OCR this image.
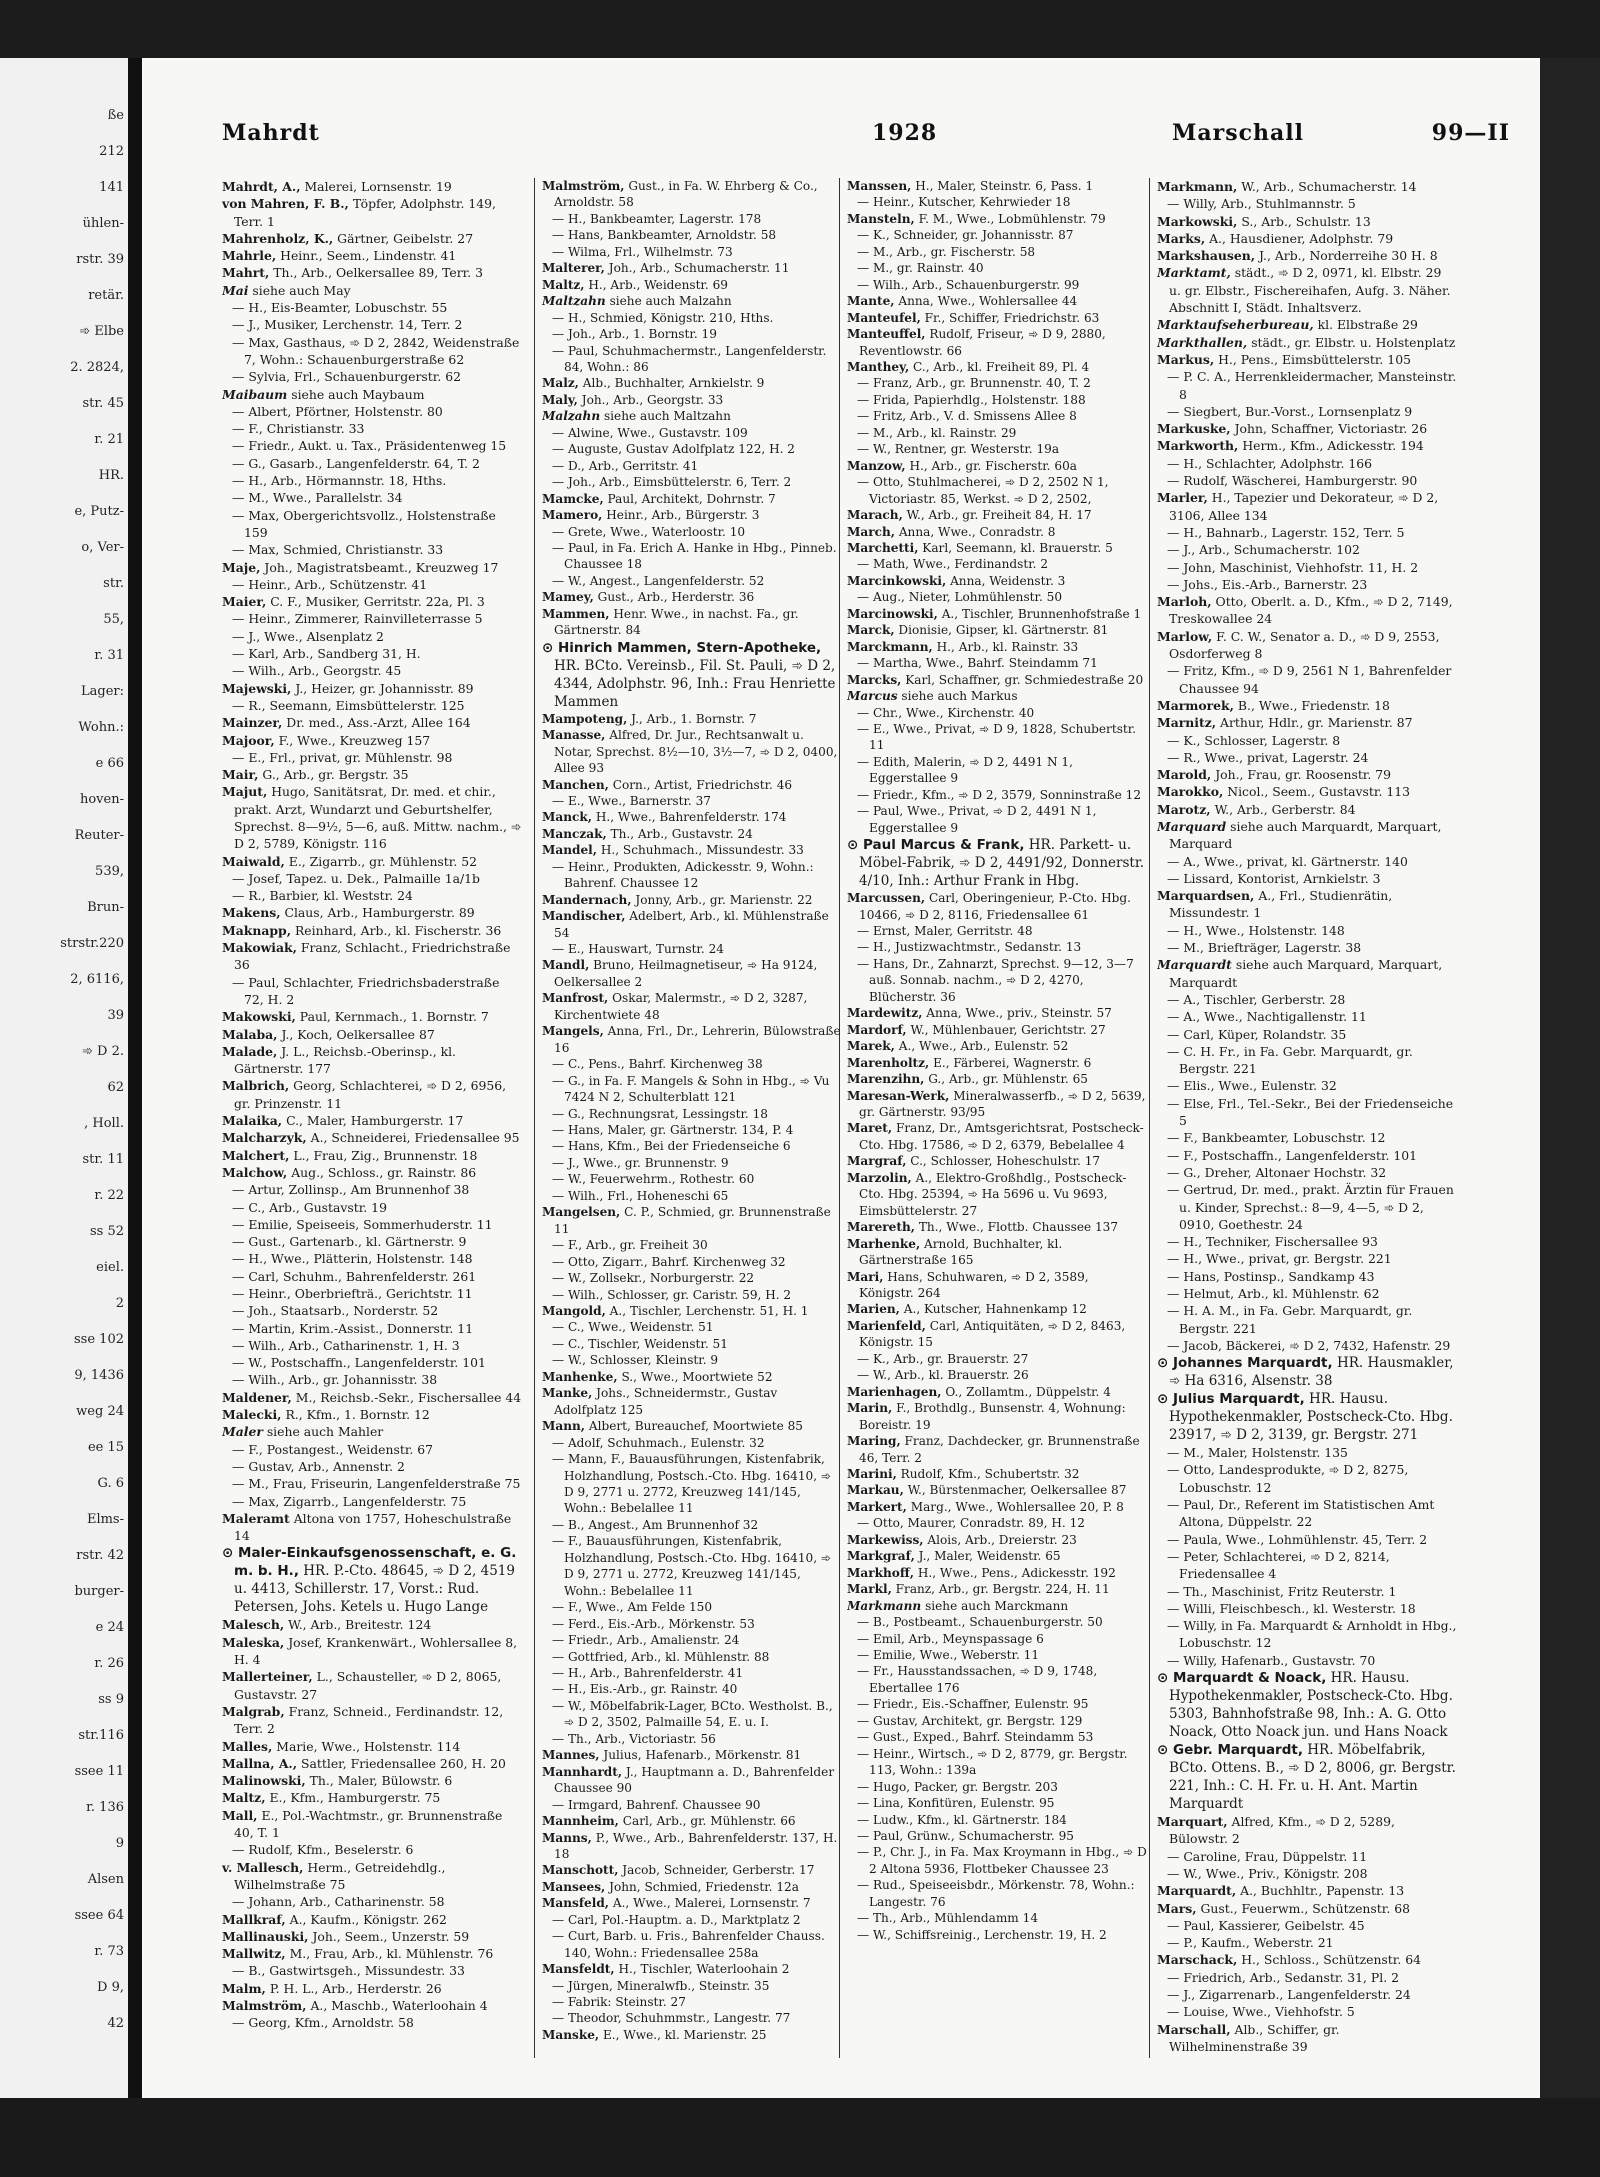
ße
212
141
ühlen-
rstr. 39
retär.
➾ Elbe
2. 2824,
str. 45
r. 21
HR.
e, Putz-
o, Ver-
str.
55,
r. 31
Lager:
Wohn.:
e 66
hoven-
Reuter-
539,
Brun-
strstr.220
2, 6116,
39
➾ D 2.
62
, Holl.
str. 11
r. 22
ss 52
eiel.
2
sse 102
9, 1436
weg 24
ee 15
G. 6
Elms-
rstr. 42
burger-
e 24
r. 26
ss 9
str.116
ssee 11
r. 136
9
Alsen
ssee 64
r. 73
D 9,
42
Mahrdt	1928	Marschall	99—II

Mahrdt, A., Malerei, Lornsenstr. 19

von Mahren, F. B., Töpfer, Adolphstr. 149, Terr. 1

Mahrenholz, K., Gärtner, Geibelstr. 27

Mahrle, Heinr., Seem., Lindenstr. 41

Mahrt, Th., Arb., Oelkersallee 89, Terr. 3

Mai siehe auch May

— H., Eis-Beamter, Lobuschstr. 55

— J., Musiker, Lerchenstr. 14, Terr. 2

— Max, Gasthaus, ➾ D 2, 2842, Weidenstraße 7, Wohn.: Schauenburgerstraße 62

— Sylvia, Frl., Schauenburgerstr. 62

Maibaum siehe auch Maybaum

— Albert, Pförtner, Holstenstr. 80

— F., Christianstr. 33

— Friedr., Aukt. u. Tax., Präsidentenweg 15

— G., Gasarb., Langenfelderstr. 64, T. 2

— H., Arb., Hörmannstr. 18, Hths.

— M., Wwe., Parallelstr. 34

— Max, Obergerichtsvollz., Holstenstraße 159

— Max, Schmied, Christianstr. 33

Maje, Joh., Magistratsbeamt., Kreuzweg 17

— Heinr., Arb., Schützenstr. 41

Maier, C. F., Musiker, Gerritstr. 22a, Pl. 3

— Heinr., Zimmerer, Rainvilleterrasse 5

— J., Wwe., Alsenplatz 2

— Karl, Arb., Sandberg 31, H.

— Wilh., Arb., Georgstr. 45

Majewski, J., Heizer, gr. Johannisstr. 89

— R., Seemann, Eimsbüttelerstr. 125

Mainzer, Dr. med., Ass.-Arzt, Allee 164

Majoor, F., Wwe., Kreuzweg 157

— E., Frl., privat, gr. Mühlenstr. 98

Mair, G., Arb., gr. Bergstr. 35

Majut, Hugo, Sanitätsrat, Dr. med. et chir., prakt. Arzt, Wundarzt und Geburtshelfer, Sprechst. 8—9½, 5—6, auß. Mittw. nachm., ➾ D 2, 5789, Königstr. 116

Maiwald, E., Zigarrb., gr. Mühlenstr. 52

— Josef, Tapez. u. Dek., Palmaille 1a/1b

— R., Barbier, kl. Weststr. 24

Makens, Claus, Arb., Hamburgerstr. 89

Maknapp, Reinhard, Arb., kl. Fischerstr. 36

Makowiak, Franz, Schlacht., Friedrichstraße 36

— Paul, Schlachter, Friedrichsbaderstraße 72, H. 2

Makowski, Paul, Kernmach., 1. Bornstr. 7

Malaba, J., Koch, Oelkersallee 87

Malade, J. L., Reichsb.-Oberinsp., kl. Gärtnerstr. 177

Malbrich, Georg, Schlachterei, ➾ D 2, 6956, gr. Prinzenstr. 11

Malaika, C., Maler, Hamburgerstr. 17

Malcharzyk, A., Schneiderei, Friedensallee 95

Malchert, L., Frau, Zig., Brunnenstr. 18

Malchow, Aug., Schloss., gr. Rainstr. 86

— Artur, Zollinsp., Am Brunnenhof 38

— C., Arb., Gustavstr. 19

— Emilie, Speiseeis, Sommerhuderstr. 11

— Gust., Gartenarb., kl. Gärtnerstr. 9

— H., Wwe., Plätterin, Holstenstr. 148

— Carl, Schuhm., Bahrenfelderstr. 261

— Heinr., Oberbriefträ., Gerichtstr. 11

— Joh., Staatsarb., Norderstr. 52

— Martin, Krim.-Assist., Donnerstr. 11

— Wilh., Arb., Catharinenstr. 1, H. 3

— W., Postschaffn., Langenfelderstr. 101

— Wilh., Arb., gr. Johannisstr. 38

Maldener, M., Reichsb.-Sekr., Fischersallee 44

Malecki, R., Kfm., 1. Bornstr. 12

Maler siehe auch Mahler

— F., Postangest., Weidenstr. 67

— Gustav, Arb., Annenstr. 2

— M., Frau, Friseurin, Langenfelderstraße 75

— Max, Zigarrb., Langenfelderstr. 75

Maleramt Altona von 1757, Hoheschulstraße 14

⊙ Maler-Einkaufsgenossenschaft, e. G. m. b. H., HR. P.-Cto. 48645, ➾ D 2, 4519 u. 4413, Schillerstr. 17, Vorst.: Rud. Petersen, Johs. Ketels u. Hugo Lange

Malesch, W., Arb., Breitestr. 124

Maleska, Josef, Krankenwärt., Wohlersallee 8, H. 4

Mallerteiner, L., Schausteller, ➾ D 2, 8065, Gustavstr. 27

Malgrab, Franz, Schneid., Ferdinandstr. 12, Terr. 2

Malles, Marie, Wwe., Holstenstr. 114

Mallna, A., Sattler, Friedensallee 260, H. 20

Malinowski, Th., Maler, Bülowstr. 6

Maltz, E., Kfm., Hamburgerstr. 75

Mall, E., Pol.-Wachtmstr., gr. Brunnenstraße 40, T. 1

— Rudolf, Kfm., Beselerstr. 6

v. Mallesch, Herm., Getreidehdlg., Wilhelmstraße 75

— Johann, Arb., Catharinenstr. 58

Mallkraf, A., Kaufm., Königstr. 262

Mallinauski, Joh., Seem., Unzerstr. 59

Mallwitz, M., Frau, Arb., kl. Mühlenstr. 76

— B., Gastwirtsgeh., Missundestr. 33

Malm, P. H. L., Arb., Herderstr. 26

Malmström, A., Maschb., Waterloohain 4

— Georg, Kfm., Arnoldstr. 58

Malmström, Gust., in Fa. W. Ehrberg & Co., Arnoldstr. 58

— H., Bankbeamter, Lagerstr. 178

— Hans, Bankbeamter, Arnoldstr. 58

— Wilma, Frl., Wilhelmstr. 73

Malterer, Joh., Arb., Schumacherstr. 11

Maltz, H., Arb., Weidenstr. 69

Maltzahn siehe auch Malzahn

— H., Schmied, Königstr. 210, Hths.

— Joh., Arb., 1. Bornstr. 19

— Paul, Schuhmachermstr., Langenfelderstr. 84, Wohn.: 86

Malz, Alb., Buchhalter, Arnkielstr. 9

Maly, Joh., Arb., Georgstr. 33

Malzahn siehe auch Maltzahn

— Alwine, Wwe., Gustavstr. 109

— Auguste, Gustav Adolfplatz 122, H. 2

— D., Arb., Gerritstr. 41

— Joh., Arb., Eimsbüttelerstr. 6, Terr. 2

Mamcke, Paul, Architekt, Dohrnstr. 7

Mamero, Heinr., Arb., Bürgerstr. 3

— Grete, Wwe., Waterloostr. 10

— Paul, in Fa. Erich A. Hanke in Hbg., Pinneb. Chaussee 18

— W., Angest., Langenfelderstr. 52

Mamey, Gust., Arb., Herderstr. 36

Mammen, Henr. Wwe., in nachst. Fa., gr. Gärtnerstr. 84

⊙ Hinrich Mammen, Stern-Apotheke, HR. BCto. Vereinsb., Fil. St. Pauli, ➾ D 2, 4344, Adolphstr. 96, Inh.: Frau Henriette Mammen

Mampoteng, J., Arb., 1. Bornstr. 7

Manasse, Alfred, Dr. Jur., Rechtsanwalt u. Notar, Sprechst. 8½—10, 3½—7, ➾ D 2, 0400, Allee 93

Manchen, Corn., Artist, Friedrichstr. 46

— E., Wwe., Barnerstr. 37

Manck, H., Wwe., Bahrenfelderstr. 174

Manczak, Th., Arb., Gustavstr. 24

Mandel, H., Schuhmach., Missundestr. 33

— Heinr., Produkten, Adickesstr. 9, Wohn.: Bahrenf. Chaussee 12

Mandernach, Jonny, Arb., gr. Marienstr. 22

Mandischer, Adelbert, Arb., kl. Mühlenstraße 54

— E., Hauswart, Turnstr. 24

Mandl, Bruno, Heilmagnetiseur, ➾ Ha 9124, Oelkersallee 2

Manfrost, Oskar, Malermstr., ➾ D 2, 3287, Kirchentwiete 48

Mangels, Anna, Frl., Dr., Lehrerin, Bülowstraße 16

— C., Pens., Bahrf. Kirchenweg 38

— G., in Fa. F. Mangels & Sohn in Hbg., ➾ Vu 7424 N 2, Schulterblatt 121

— G., Rechnungsrat, Lessingstr. 18

— Hans, Maler, gr. Gärtnerstr. 134, P. 4

— Hans, Kfm., Bei der Friedenseiche 6

— J., Wwe., gr. Brunnenstr. 9

— W., Feuerwehrm., Rothestr. 60

— Wilh., Frl., Hoheneschi 65

Mangelsen, C. P., Schmied, gr. Brunnenstraße 11

— F., Arb., gr. Freiheit 30

— Otto, Zigarr., Bahrf. Kirchenweg 32

— W., Zollsekr., Norburgerstr. 22

— Wilh., Schlosser, gr. Caristr. 59, H. 2

Mangold, A., Tischler, Lerchenstr. 51, H. 1

— C., Wwe., Weidenstr. 51

— C., Tischler, Weidenstr. 51

— W., Schlosser, Kleinstr. 9

Manhenke, S., Wwe., Moortwiete 52

Manke, Johs., Schneidermstr., Gustav Adolfplatz 125

Mann, Albert, Bureauchef, Moortwiete 85

— Adolf, Schuhmach., Eulenstr. 32

— Mann, F., Bauausführungen, Kistenfabrik, Holzhandlung, Postsch.-Cto. Hbg. 16410, ➾ D 9, 2771 u. 2772, Kreuzweg 141/145, Wohn.: Bebelallee 11

— B., Angest., Am Brunnenhof 32

— F., Bauausführungen, Kistenfabrik, Holzhandlung, Postsch.-Cto. Hbg. 16410, ➾ D 9, 2771 u. 2772, Kreuzweg 141/145, Wohn.: Bebelallee 11

— F., Wwe., Am Felde 150

— Ferd., Eis.-Arb., Mörkenstr. 53

— Friedr., Arb., Amalienstr. 24

— Gottfried, Arb., kl. Mühlenstr. 88

— H., Arb., Bahrenfelderstr. 41

— H., Eis.-Arb., gr. Rainstr. 40

— W., Möbelfabrik-Lager, BCto. Westholst. B., ➾ D 2, 3502, Palmaille 54, E. u. I.

— Th., Arb., Victoriastr. 56

Mannes, Julius, Hafenarb., Mörkenstr. 81

Mannhardt, J., Hauptmann a. D., Bahrenfelder Chaussee 90

— Irmgard, Bahrenf. Chaussee 90

Mannheim, Carl, Arb., gr. Mühlenstr. 66

Manns, P., Wwe., Arb., Bahrenfelderstr. 137, H. 18

Manschott, Jacob, Schneider, Gerberstr. 17

Mansees, John, Schmied, Friedenstr. 12a

Mansfeld, A., Wwe., Malerei, Lornsenstr. 7

— Carl, Pol.-Hauptm. a. D., Marktplatz 2

— Curt, Barb. u. Fris., Bahrenfelder Chauss. 140, Wohn.: Friedensallee 258a

Mansfeldt, H., Tischler, Waterloohain 2

— Jürgen, Mineralwfb., Steinstr. 35

— Fabrik: Steinstr. 27

— Theodor, Schuhmmstr., Langestr. 77

Manske, E., Wwe., kl. Marienstr. 25

Manssen, H., Maler, Steinstr. 6, Pass. 1

— Heinr., Kutscher, Kehrwieder 18

Mansteln, F. M., Wwe., Lobmühlenstr. 79

— K., Schneider, gr. Johannisstr. 87

— M., Arb., gr. Fischerstr. 58

— M., gr. Rainstr. 40

— Wilh., Arb., Schauenburgerstr. 99

Mante, Anna, Wwe., Wohlersallee 44

Manteufel, Fr., Schiffer, Friedrichstr. 63

Manteuffel, Rudolf, Friseur, ➾ D 9, 2880, Reventlowstr. 66

Manthey, C., Arb., kl. Freiheit 89, Pl. 4

— Franz, Arb., gr. Brunnenstr. 40, T. 2

— Frida, Papierhdlg., Holstenstr. 188

— Fritz, Arb., V. d. Smissens Allee 8

— M., Arb., kl. Rainstr. 29

— W., Rentner, gr. Westerstr. 19a

Manzow, H., Arb., gr. Fischerstr. 60a

— Otto, Stuhlmacherei, ➾ D 2, 2502 N 1, Victoriastr. 85, Werkst. ➾ D 2, 2502,

Marach, W., Arb., gr. Freiheit 84, H. 17

March, Anna, Wwe., Conradstr. 8

Marchetti, Karl, Seemann, kl. Brauerstr. 5

— Math, Wwe., Ferdinandstr. 2

Marcinkowski, Anna, Weidenstr. 3

— Aug., Nieter, Lohmühlenstr. 50

Marcinowski, A., Tischler, Brunnenhofstraße 1

Marck, Dionisie, Gipser, kl. Gärtnerstr. 81

Marckmann, H., Arb., kl. Rainstr. 33

— Martha, Wwe., Bahrf. Steindamm 71

Marcks, Karl, Schaffner, gr. Schmiedestraße 20

Marcus siehe auch Markus

— Chr., Wwe., Kirchenstr. 40

— E., Wwe., Privat, ➾ D 9, 1828, Schubertstr. 11

— Edith, Malerin, ➾ D 2, 4491 N 1, Eggerstallee 9

— Friedr., Kfm., ➾ D 2, 3579, Sonninstraße 12

— Paul, Wwe., Privat, ➾ D 2, 4491 N 1, Eggerstallee 9

⊙ Paul Marcus & Frank, HR. Parkett- u. Möbel-Fabrik, ➾ D 2, 4491/92, Donnerstr. 4/10, Inh.: Arthur Frank in Hbg.

Marcussen, Carl, Oberingenieur, P.-Cto. Hbg. 10466, ➾ D 2, 8116, Friedensallee 61

— Ernst, Maler, Gerritstr. 48

— H., Justizwachtmstr., Sedanstr. 13

— Hans, Dr., Zahnarzt, Sprechst. 9—12, 3—7 auß. Sonnab. nachm., ➾ D 2, 4270, Blücherstr. 36

Mardewitz, Anna, Wwe., priv., Steinstr. 57

Mardorf, W., Mühlenbauer, Gerichtstr. 27

Marek, A., Wwe., Arb., Eulenstr. 52

Marenholtz, E., Färberei, Wagnerstr. 6

Marenzihn, G., Arb., gr. Mühlenstr. 65

Maresan-Werk, Mineralwasserfb., ➾ D 2, 5639, gr. Gärtnerstr. 93/95

Maret, Franz, Dr., Amtsgerichtsrat, Postscheck-Cto. Hbg. 17586, ➾ D 2, 6379, Bebelallee 4

Margraf, C., Schlosser, Hoheschulstr. 17

Marzolin, A., Elektro-Großhdlg., Postscheck-Cto. Hbg. 25394, ➾ Ha 5696 u. Vu 9693, Eimsbüttelerstr. 27

Marereth, Th., Wwe., Flottb. Chaussee 137

Marhenke, Arnold, Buchhalter, kl. Gärtnerstraße 165

Mari, Hans, Schuhwaren, ➾ D 2, 3589, Königstr. 264

Marien, A., Kutscher, Hahnenkamp 12

Marienfeld, Carl, Antiquitäten, ➾ D 2, 8463, Königstr. 15

— K., Arb., gr. Brauerstr. 27

— W., Arb., kl. Brauerstr. 26

Marienhagen, O., Zollamtm., Düppelstr. 4

Marin, F., Brothdlg., Bunsenstr. 4, Wohnung: Boreistr. 19

Maring, Franz, Dachdecker, gr. Brunnenstraße 46, Terr. 2

Marini, Rudolf, Kfm., Schubertstr. 32

Markau, W., Bürstenmacher, Oelkersallee 87

Markert, Marg., Wwe., Wohlersallee 20, P. 8

— Otto, Maurer, Conradstr. 89, H. 12

Markewiss, Alois, Arb., Dreierstr. 23

Markgraf, J., Maler, Weidenstr. 65

Markhoff, H., Wwe., Pens., Adickesstr. 192

Markl, Franz, Arb., gr. Bergstr. 224, H. 11

Markmann siehe auch Marckmann

— B., Postbeamt., Schauenburgerstr. 50

— Emil, Arb., Meynspassage 6

— Emilie, Wwe., Weberstr. 11

— Fr., Hausstandssachen, ➾ D 9, 1748, Ebertallee 176

— Friedr., Eis.-Schaffner, Eulenstr. 95

— Gustav, Architekt, gr. Bergstr. 129

— Gust., Exped., Bahrf. Steindamm 53

— Heinr., Wirtsch., ➾ D 2, 8779, gr. Bergstr. 113, Wohn.: 139a

— Hugo, Packer, gr. Bergstr. 203

— Lina, Konfitüren, Eulenstr. 95

— Ludw., Kfm., kl. Gärtnerstr. 184

— Paul, Grünw., Schumacherstr. 95

— P., Chr. J., in Fa. Max Kroymann in Hbg., ➾ D 2 Altona 5936, Flottbeker Chaussee 23

— Rud., Speiseeisbdr., Mörkenstr. 78, Wohn.: Langestr. 76

— Th., Arb., Mühlendamm 14

— W., Schiffsreinig., Lerchenstr. 19, H. 2

Markmann, W., Arb., Schumacherstr. 14

— Willy, Arb., Stuhlmannstr. 5

Markowski, S., Arb., Schulstr. 13

Marks, A., Hausdiener, Adolphstr. 79

Markshausen, J., Arb., Norderreihe 30 H. 8

Marktamt, städt., ➾ D 2, 0971, kl. Elbstr. 29 u. gr. Elbstr., Fischereihafen, Aufg. 3. Näher. Abschnitt I, Städt. Inhaltsverz.

Marktaufseherbureau, kl. Elbstraße 29

Markthallen, städt., gr. Elbstr. u. Holstenplatz

Markus, H., Pens., Eimsbüttelerstr. 105

— P. C. A., Herrenkleidermacher, Mansteinstr. 8

— Siegbert, Bur.-Vorst., Lornsenplatz 9

Markuske, John, Schaffner, Victoriastr. 26

Markworth, Herm., Kfm., Adickesstr. 194

— H., Schlachter, Adolphstr. 166

— Rudolf, Wäscherei, Hamburgerstr. 90

Marler, H., Tapezier und Dekorateur, ➾ D 2, 3106, Allee 134

— H., Bahnarb., Lagerstr. 152, Terr. 5

— J., Arb., Schumacherstr. 102

— John, Maschinist, Viehhofstr. 11, H. 2

— Johs., Eis.-Arb., Barnerstr. 23

Marloh, Otto, Oberlt. a. D., Kfm., ➾ D 2, 7149, Treskowallee 24

Marlow, F. C. W., Senator a. D., ➾ D 9, 2553, Osdorferweg 8

— Fritz, Kfm., ➾ D 9, 2561 N 1, Bahrenfelder Chaussee 94

Marmorek, B., Wwe., Friedenstr. 18

Marnitz, Arthur, Hdlr., gr. Marienstr. 87

— K., Schlosser, Lagerstr. 8

— R., Wwe., privat, Lagerstr. 24

Marold, Joh., Frau, gr. Roosenstr. 79

Marokko, Nicol., Seem., Gustavstr. 113

Marotz, W., Arb., Gerberstr. 84

Marquard siehe auch Marquardt, Marquart, Marquard

— A., Wwe., privat, kl. Gärtnerstr. 140

— Lissard, Kontorist, Arnkielstr. 3

Marquardsen, A., Frl., Studienrätin, Missundestr. 1

— H., Wwe., Holstenstr. 148

— M., Briefträger, Lagerstr. 38

Marquardt siehe auch Marquard, Marquart, Marquardt

— A., Tischler, Gerberstr. 28

— A., Wwe., Nachtigallenstr. 11

— Carl, Küper, Rolandstr. 35

— C. H. Fr., in Fa. Gebr. Marquardt, gr. Bergstr. 221

— Elis., Wwe., Eulenstr. 32

— Else, Frl., Tel.-Sekr., Bei der Friedenseiche 5

— F., Bankbeamter, Lobuschstr. 12

— F., Postschaffn., Langenfelderstr. 101

— G., Dreher, Altonaer Hochstr. 32

— Gertrud, Dr. med., prakt. Ärztin für Frauen u. Kinder, Sprechst.: 8—9, 4—5, ➾ D 2, 0910, Goethestr. 24

— H., Techniker, Fischersallee 93

— H., Wwe., privat, gr. Bergstr. 221

— Hans, Postinsp., Sandkamp 43

— Helmut, Arb., kl. Mühlenstr. 62

— H. A. M., in Fa. Gebr. Marquardt, gr. Bergstr. 221

— Jacob, Bäckerei, ➾ D 2, 7432, Hafenstr. 29

⊙ Johannes Marquardt, HR. Hausmakler, ➾ Ha 6316, Alsenstr. 38

⊙ Julius Marquardt, HR. Hausu. Hypothekenmakler, Postscheck-Cto. Hbg. 23917, ➾ D 2, 3139, gr. Bergstr. 271

— M., Maler, Holstenstr. 135

— Otto, Landesprodukte, ➾ D 2, 8275, Lobuschstr. 12

— Paul, Dr., Referent im Statistischen Amt Altona, Düppelstr. 22

— Paula, Wwe., Lohmühlenstr. 45, Terr. 2

— Peter, Schlachterei, ➾ D 2, 8214, Friedensallee 4

— Th., Maschinist, Fritz Reuterstr. 1

— Willi, Fleischbesch., kl. Westerstr. 18

— Willy, in Fa. Marquardt & Arnholdt in Hbg., Lobuschstr. 12

— Willy, Hafenarb., Gustavstr. 70

⊙ Marquardt & Noack, HR. Hausu. Hypothekenmakler, Postscheck-Cto. Hbg. 5303, Bahnhofstraße 98, Inh.: A. G. Otto Noack, Otto Noack jun. und Hans Noack

⊙ Gebr. Marquardt, HR. Möbelfabrik, BCto. Ottens. B., ➾ D 2, 8006, gr. Bergstr. 221, Inh.: C. H. Fr. u. H. Ant. Martin Marquardt

Marquart, Alfred, Kfm., ➾ D 2, 5289, Bülowstr. 2

— Caroline, Frau, Düppelstr. 11

— W., Wwe., Priv., Königstr. 208

Marquardt, A., Buchhltr., Papenstr. 13

Mars, Gust., Feuerwm., Schützenstr. 68

— Paul, Kassierer, Geibelstr. 45

— P., Kaufm., Weberstr. 21

Marschack, H., Schloss., Schützenstr. 64

— Friedrich, Arb., Sedanstr. 31, Pl. 2

— J., Zigarrenarb., Langenfelderstr. 24

— Louise, Wwe., Viehhofstr. 5

Marschall, Alb., Schiffer, gr. Wilhelminenstraße 39
